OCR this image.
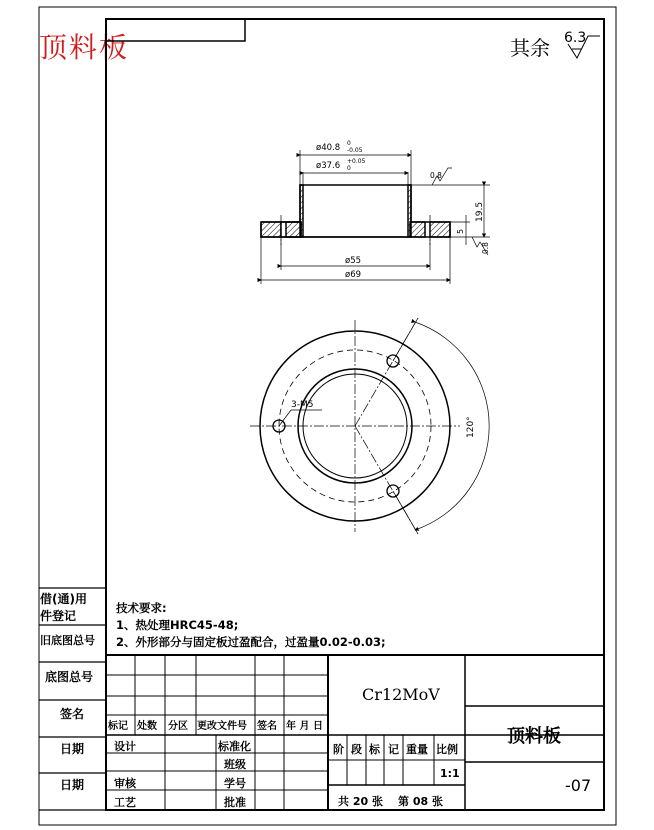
顶料板	其余 6.3
ø40.8 0
-0.05
ø37.6 +0.05
0
0.8
0.8
19.5
5
ø55
ø69
3-M5
120°
技术要求:
1、热处理HRC45-48;
2、外形部分与固定板过盈配合，过盈量0.02-0.03;
借(通)用
件登记
旧底图总号
底图总号
签名
日期
日期
Cr12MoV
顶料板
-07
标记 处数 分区 更改文件号 签名 年 月 日
设计	标准化
班级
审核	学号
工艺	批准
阶 段 标 记 重量 比例
1:1
共 20 张 第 08 张
